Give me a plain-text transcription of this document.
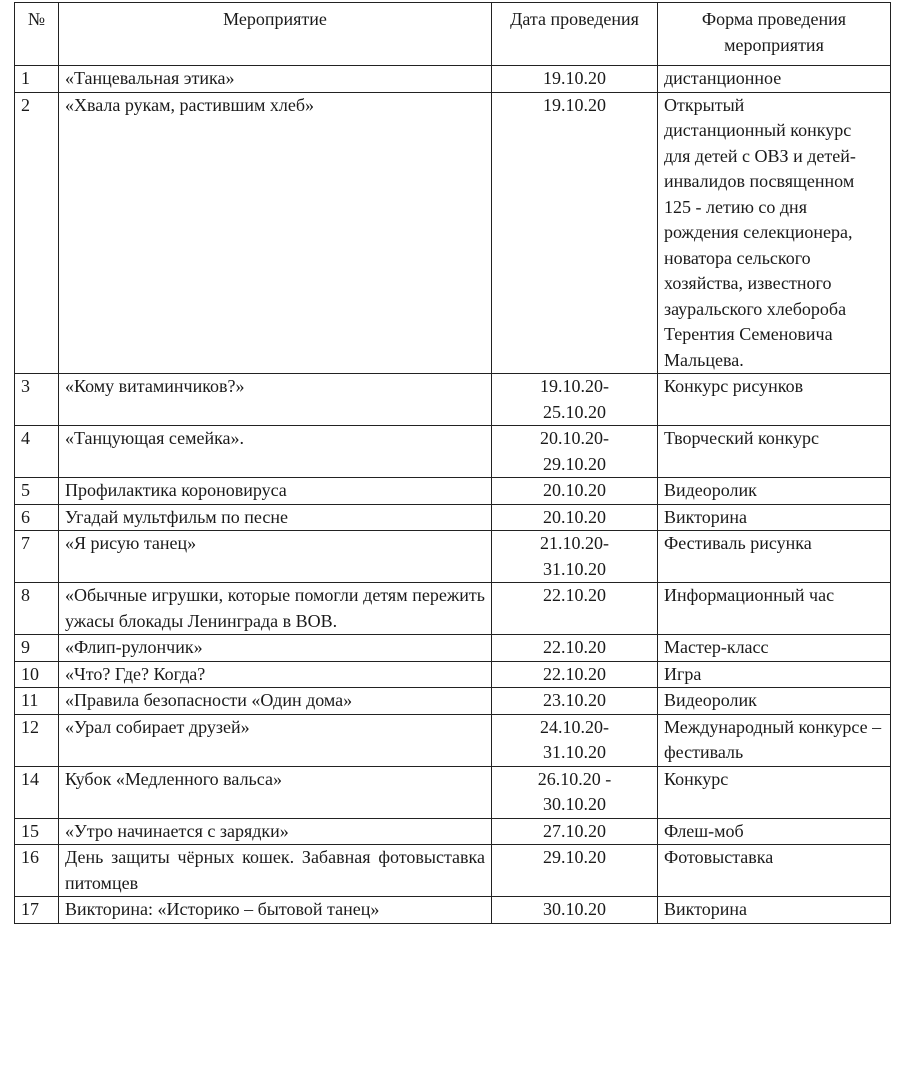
№	Мероприятие	Дата проведения	Форма проведения мероприятия
1	«Танцевальная этика»	19.10.20	дистанционное
2	«Хвала рукам, растившим хлеб»	19.10.20	Открытый дистанционный конкурс для детей с ОВЗ и детей-инвалидов посвященном 125 - летию со дня рождения селекционера, новатора сельского хозяйства, известного зауральского хлебороба Терентия Семеновича Мальцева.

3	«Кому витаминчиков?»	19.10.20-25.10.20	Конкурс рисунков
4	«Танцующая семейка».	20.10.20-29.10.20	Творческий конкурс
5	Профилактика короновируса	20.10.20	Видеоролик
6	Угадай мультфильм по песне	20.10.20	Викторина
7	«Я рисую танец»	21.10.20-31.10.20	Фестиваль рисунка
8	«Обычные игрушки, которые помогли детям пережить ужасы блокады Ленинграда в ВОВ.	22.10.20	Информационный час
9	«Флип-рулончик»	22.10.20	Мастер-класс
10	«Что? Где? Когда?	22.10.20	Игра
11	«Правила безопасности «Один дома»	23.10.20	Видеоролик
12	«Урал собирает друзей»	24.10.20-31.10.20	Международный конкурсе – фестиваль
14	Кубок «Медленного вальса»	26.10.20 - 30.10.20	Конкурс
15	«Утро начинается с зарядки»	27.10.20	Флеш-моб
16	День защиты чёрных кошек. Забавная фотовыставка питомцев	29.10.20	Фотовыставка
17	Викторина: «Историко – бытовой танец»	30.10.20	Викторина
